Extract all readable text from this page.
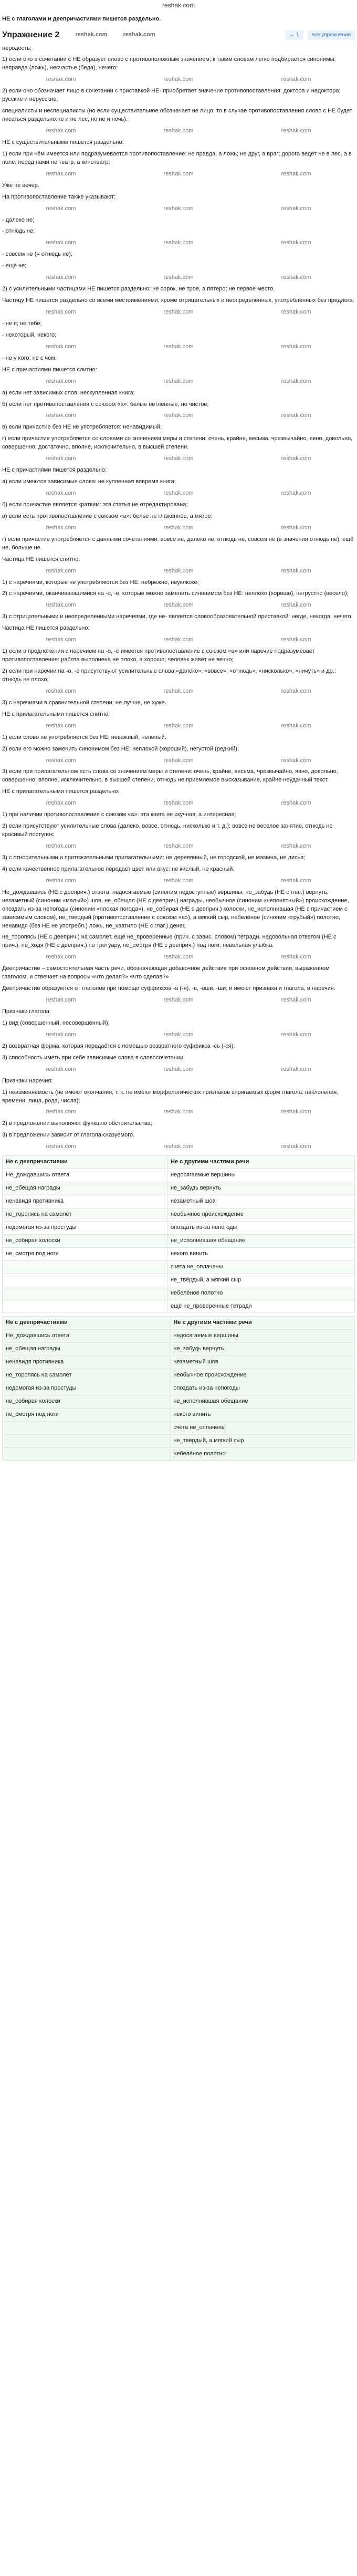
reshak.com
НЕ с глаголами и деепричастиями пишется раздельно.
Упражнение 2	reshak.com	reshak.com	← 1	все упражнения
неродость;
1) если оно в сочетании с НЕ образует слово с противоположным значением; к таким словам легко подбирается синонимы: неправда (ложь), несчастье (беда), нечего;
reshak.com	reshak.com	reshak.com
2) если оно обозначает лицо в сочетании с приставкой НЕ- приобретает значение противопоставления: доктора и недоктора; русские и нерусские,
специалисты и неспециалисты (но если существительное обозначает не лицо, то в случае противопоставления слово с НЕ будет писаться раздельно:не и не лес, но не и ночь).
reshak.com	reshak.com	reshak.com
НЕ с существительными пишется раздельно:
1) если при нём имеется или подразумевается противопоставление: не правда, а ложь; не друг, а враг; дорога ведёт не в лес, а в поле; перед нами не театр, а кинотеатр;
reshak.com	reshak.com	reshak.com
Уже не вечер.
На противопоставление также указывают:
reshak.com	reshak.com	reshak.com
- далеко не;
- отнюдь не;
reshak.com	reshak.com	reshak.com
- совсем не (= отнюдь не);
- ещё не;
reshak.com	reshak.com	reshak.com
2) с усилительными частицами НЕ пишется раздельно: не сорок, не трое, а пятеро; не первое место.
Частицу НЕ пишется раздельно со всеми местоимениями, кроме отрицательных и неопределённых, употреблённых без предлога:
reshak.com	reshak.com	reshak.com
- не я; не тебе;
- некоторый, некого;
reshak.com	reshak.com	reshak.com
- не у кого; не с чем.
НЕ с причастиями пишется слитно:
reshak.com	reshak.com	reshak.com
а) если нет зависимых слов: нескупленная книга;
б) если нет противопоставления с союзом «а»: белые нетленные, но чистое;
reshak.com	reshak.com	reshak.com
в) если причастие без НЕ не употребляется: ненавидимый;
г) если причастие употребляется со словами со значением меры и степени: очень, крайне, весьма, чрезвычайно, явно, довольно, совершенно, достаточно, вполне, исключительно, в высшей степени.
reshak.com	reshak.com	reshak.com
НЕ с причастиями пишется раздельно:
а) если имеются зависимые слова: не купленная вовремя книга;
reshak.com	reshak.com	reshak.com
б) если причастие является кратким: эта статья не отредактирована;
в) если есть противопоставление с союзом «а»: белье не глаженное, а мятое;
reshak.com	reshak.com	reshak.com
г) если причастие употребляется с данными сочетаниями: вовсе не, далеко не, отнюдь не, совсем не (в значении отнюдь не), ещё не, больше не.
Частица НЕ пишется слитно:
reshak.com	reshak.com	reshak.com
1) с наречиями, которые не употребляются без НЕ: небрежно, неуклюже;
2) с наречиями, оканчивающимися на -о, -е, которые можно заменить синонимом без НЕ: неплохо (хорошо), негрустно (весело);
reshak.com	reshak.com	reshak.com
3) с отрицательными и неопределенными наречиями, где не- является словообразовательной приставкой: негде, некогда, нечего.
Частица НЕ пишется раздельно:
reshak.com	reshak.com	reshak.com
1) если в предложении с наречием на -о, -е имеется противопоставление с союзом «а» или наречие подразумевает противопоставление: работа выполнена не плохо, а хорошо; человек живёт не вечно;
2) если при наречии на -о, -е присутствуют усилительные слова «далеко», «вовсе», «отнюдь», «нисколько», «ничуть» и др.: отнюдь не плохо;
reshak.com	reshak.com	reshak.com
3) с наречиями в сравнительной степени: не лучше, не хуже.
НЕ с прилагательными пишется слитно:
reshak.com	reshak.com	reshak.com
1) если слово не употребляется без НЕ: неважный, нелепый;
2) если его можно заменить синонимом без НЕ: неплохой (хороший), негустой (редкий);
reshak.com	reshak.com	reshak.com
3) если при прилагательном есть слова со значением меры и степени: очень, крайне, весьма, чрезвычайно, явно, довольно, совершенно, вполне, исключительно, в высшей степени, отнюдь не приемлемое высказывание, крайне неудачный текст.
НЕ с прилагательными пишется раздельно:
reshak.com	reshak.com	reshak.com
1) при наличии противопоставления с союзом «а»: эта книга не скучная, а интересная;
2) если присутствуют усилительные слова (далеко, вовсе, отнюдь, нисколько и т. д.): вовсе не веселое занятие, отнюдь не красивый поступок;
reshak.com	reshak.com	reshak.com
3) с относительными и притяжательными прилагательными: не деревянный, не городской, не мамина, не лисья;
4) если качественное прилагательное передает цвет или вкус: не кислый, не красный.
reshak.com	reshak.com	reshak.com
Не_дождавшись (НЕ с дееприч.) ответа, недосягаемые (синоним недоступные) вершины, не_забудь (НЕ с глаг.) вернуть, незаметный (синоним «малый») шов, не_обещая (НЕ с дееприч.) награды, необычное (синоним «непонятный») происхождение, опоздать из-за непогоды (синоним «плохая погода»), не_собирая (НЕ с дееприч.) колоски, не_исполнившая (НЕ с причастием с зависимым словом), не_твердый (противопоставление с союзом «а»), а мягкий сыр, небелёное (синоним «грубый») полотно, ненавидя (без НЕ не употребл.) ложь, не_хватило (НЕ с глаг.) денег,
не_торопясь (НЕ с дееприч.) на самолёт, ещё не_проверенные (прич. с завис. словом) тетради, недовольная ответом (НЕ с прич.), не_ходя (НЕ с дееприч.) по тротуару, не_смотря (НЕ с дееприч.) под ноги, невольная улыбка.
reshak.com	reshak.com	reshak.com
Деепричастие – самостоятельная часть речи, обозначающая добавочное действие при основном действии, выраженном глаголом, и отвечает на вопросы «что делая?» «что сделав?»
Деепричастие образуются от глаголов при помощи суффиксов -а (-я), -в, -вши, -ши; и имеют признаки и глагола, и наречия.
reshak.com	reshak.com	reshak.com
Признаки глагола:
1) вид (совершенный, несовершенный);
reshak.com	reshak.com	reshak.com
2) возвратная форма, которая передаётся с помощью возвратного суффикса -сь (-ся);
3) способность иметь при себе зависимые слова в словосочетании.
reshak.com	reshak.com	reshak.com
Признаки наречия:
1) неизменяемость (не имеют окончания, т. к. не имеют морфологических признаков спрягаемых форм глагола: наклонения, времени, лица, рода, числа);
reshak.com	reshak.com	reshak.com
2) в предложении выполняют функцию обстоятельства;
3) в предложении зависит от глагола-сказуемого.
reshak.com	reshak.com	reshak.com
Не с деепричастиями	Не с другими частями речи
Не_дождавшись ответа	недосягаемые вершины
не_обещая награды	не_забудь вернуть
ненавидя противника	незаметный шов
не_торопясь на самолёт	необычное происхождение
недомогая из-за простуды	опоздать из-за непогоды
не_собирая колоски	не_исполнившая обещание
не_смотря под ноги	некого винить
	счета не_оплачены
	не_твёрдый, а мягкий сыр
	небелёное полотно
	ещё не_проверенные тетради
Не с деепричастиями	Не с другими частями речи
Не_дождавшись ответа	недосягаемые вершины
не_обещая награды	не_забудь вернуть
ненавидя противника	незаметный шов
не_торопясь на самолёт	необычное происхождение
недомогая из-за простуды	опоздать из-за непогоды
не_собирая колоски	не_исполнившая обещание
не_смотря под ноги	некого винить
	счета не_оплачены
	не_твёрдый, а мягкий сыр
	небелёное полотно
